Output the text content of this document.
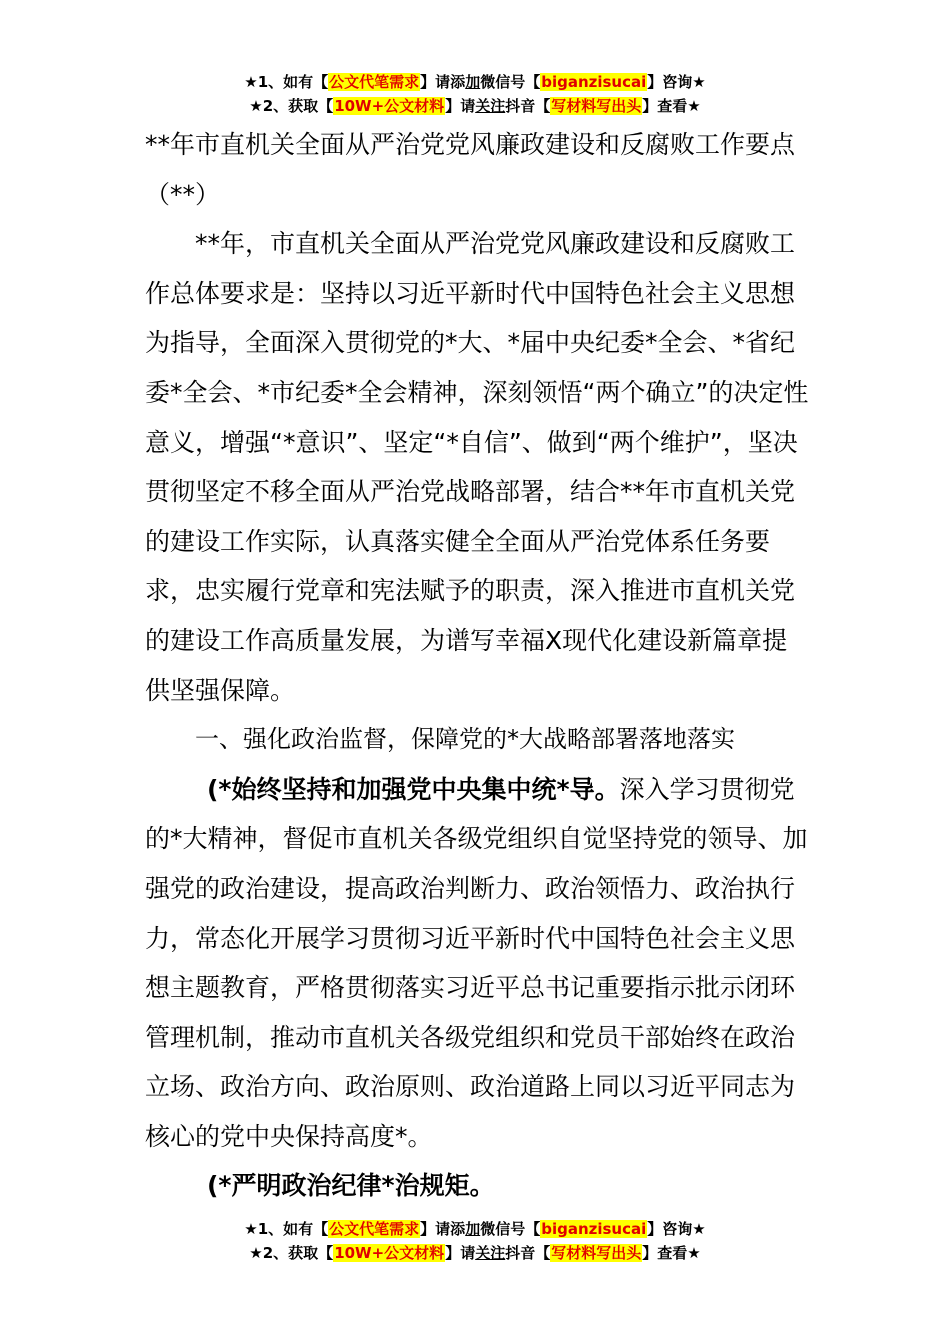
★1、如有【公文代笔需求】请添加微信号【biganzisucai】咨询★
★2、获取【10W+公文材料】请关注抖音【写材料写出头】查看★

**年市直机关全面从严治党党风廉政建设和反腐败工作要点（**）

**年，市直机关全面从严治党党风廉政建设和反腐败工作总体要求是：坚持以习近平新时代中国特色社会主义思想为指导，全面深入贯彻党的*大、*届中央纪委*全会、*省纪委*全会、*市纪委*全会精神，深刻领悟“两个确立”的决定性意义，增强“*意识”、坚定“*自信”、做到“两个维护”，坚决贯彻坚定不移全面从严治党战略部署，结合**年市直机关党的建设工作实际，认真落实健全全面从严治党体系任务要求，忠实履行党章和宪法赋予的职责，深入推进市直机关党的建设工作高质量发展，为谱写幸福X现代化建设新篇章提供坚强保障。

一、强化政治监督，保障党的*大战略部署落地落实

(*始终坚持和加强党中央集中统*导。深入学习贯彻党的*大精神，督促市直机关各级党组织自觉坚持党的领导、加强党的政治建设，提高政治判断力、政治领悟力、政治执行力，常态化开展学习贯彻习近平新时代中国特色社会主义思想主题教育，严格贯彻落实习近平总书记重要指示批示闭环管理机制，推动市直机关各级党组织和党员干部始终在政治立场、政治方向、政治原则、政治道路上同以习近平同志为核心的党中央保持高度*。

(*严明政治纪律*治规矩。

★1、如有【公文代笔需求】请添加微信号【biganzisucai】咨询★
★2、获取【10W+公文材料】请关注抖音【写材料写出头】查看★
